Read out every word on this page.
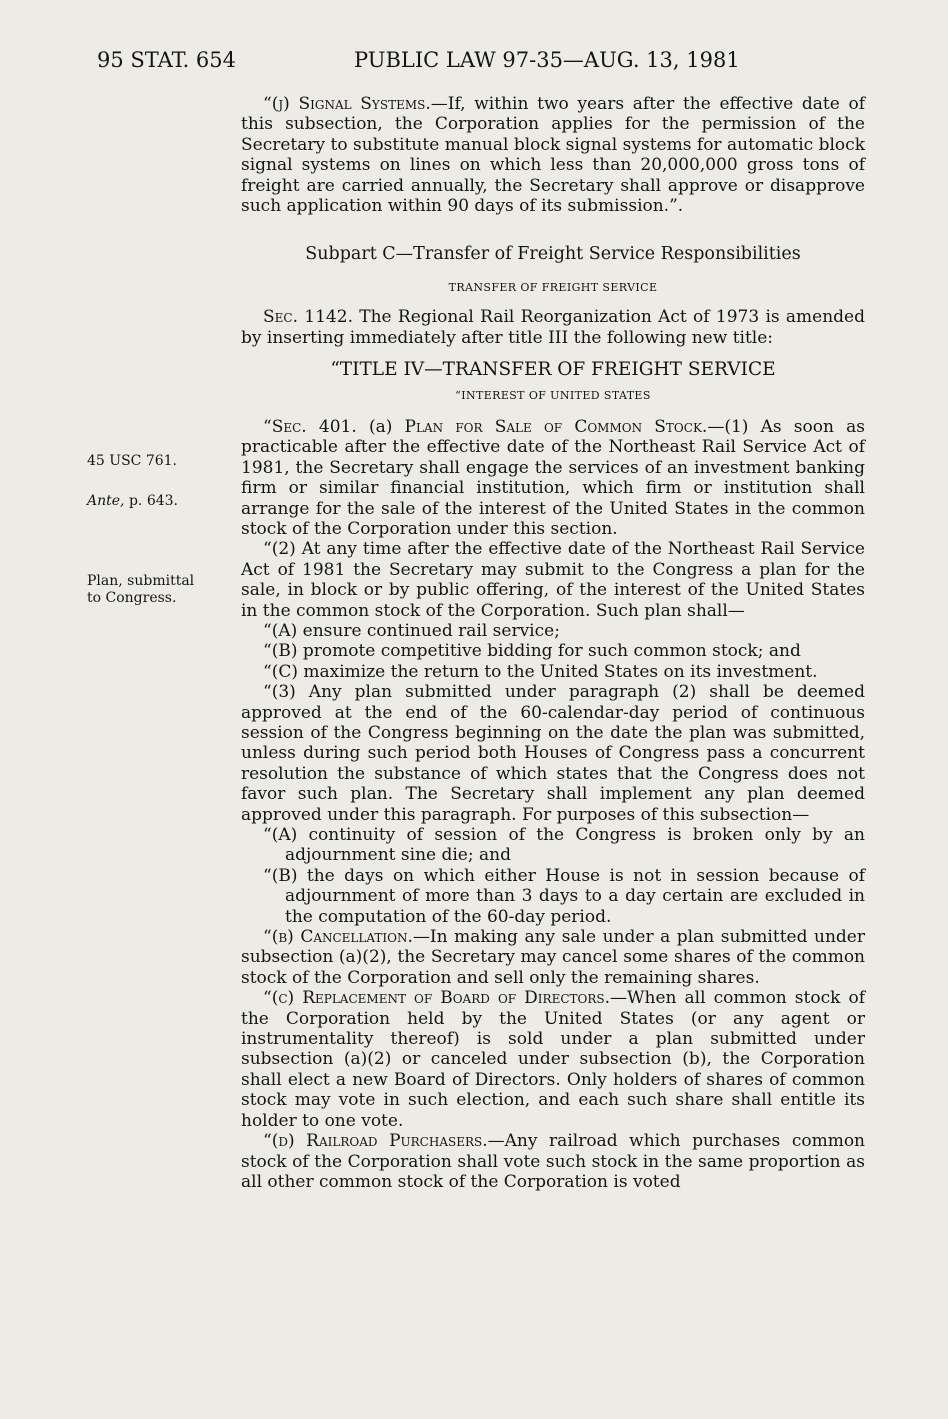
95 STAT. 654	PUBLIC LAW 97-35—AUG. 13, 1981
45 USC 761.
Ante, p. 643.
Plan, submittal
to Congress.

“(j) Signal Systems.—If, within two years after the effective date of this subsection, the Corporation applies for the permission of the Secretary to substitute manual block signal systems for automatic block signal systems on lines on which less than 20,000,000 gross tons of freight are carried annually, the Secretary shall approve or disapprove such application within 90 days of its submission.”.

Subpart C—Transfer of Freight Service Responsibilities

TRANSFER OF FREIGHT SERVICE

Sec. 1142. The Regional Rail Reorganization Act of 1973 is amended by inserting immediately after title III the following new title:

“TITLE IV—TRANSFER OF FREIGHT SERVICE

“INTEREST OF UNITED STATES

“Sec. 401. (a) Plan for Sale of Common Stock.—(1) As soon as practicable after the effective date of the Northeast Rail Service Act of 1981, the Secretary shall engage the services of an investment banking firm or similar financial institution, which firm or institution shall arrange for the sale of the interest of the United States in the common stock of the Corporation under this section.

“(2) At any time after the effective date of the Northeast Rail Service Act of 1981 the Secretary may submit to the Congress a plan for the sale, in block or by public offering, of the interest of the United States in the common stock of the Corporation. Such plan shall—

“(A) ensure continued rail service;

“(B) promote competitive bidding for such common stock; and

“(C) maximize the return to the United States on its investment.

“(3) Any plan submitted under paragraph (2) shall be deemed approved at the end of the 60-calendar-day period of continuous session of the Congress beginning on the date the plan was submitted, unless during such period both Houses of Congress pass a concurrent resolution the substance of which states that the Congress does not favor such plan. The Secretary shall implement any plan deemed approved under this paragraph. For purposes of this subsection—

“(A) continuity of session of the Congress is broken only by an adjournment sine die; and

“(B) the days on which either House is not in session because of adjournment of more than 3 days to a day certain are excluded in the computation of the 60-day period.

“(b) Cancellation.—In making any sale under a plan submitted under subsection (a)(2), the Secretary may cancel some shares of the common stock of the Corporation and sell only the remaining shares.

“(c) Replacement of Board of Directors.—When all common stock of the Corporation held by the United States (or any agent or instrumentality thereof) is sold under a plan submitted under subsection (a)(2) or canceled under subsection (b), the Corporation shall elect a new Board of Directors. Only holders of shares of common stock may vote in such election, and each such share shall entitle its holder to one vote.

“(d) Railroad Purchasers.—Any railroad which purchases common stock of the Corporation shall vote such stock in the same proportion as all other common stock of the Corporation is voted
